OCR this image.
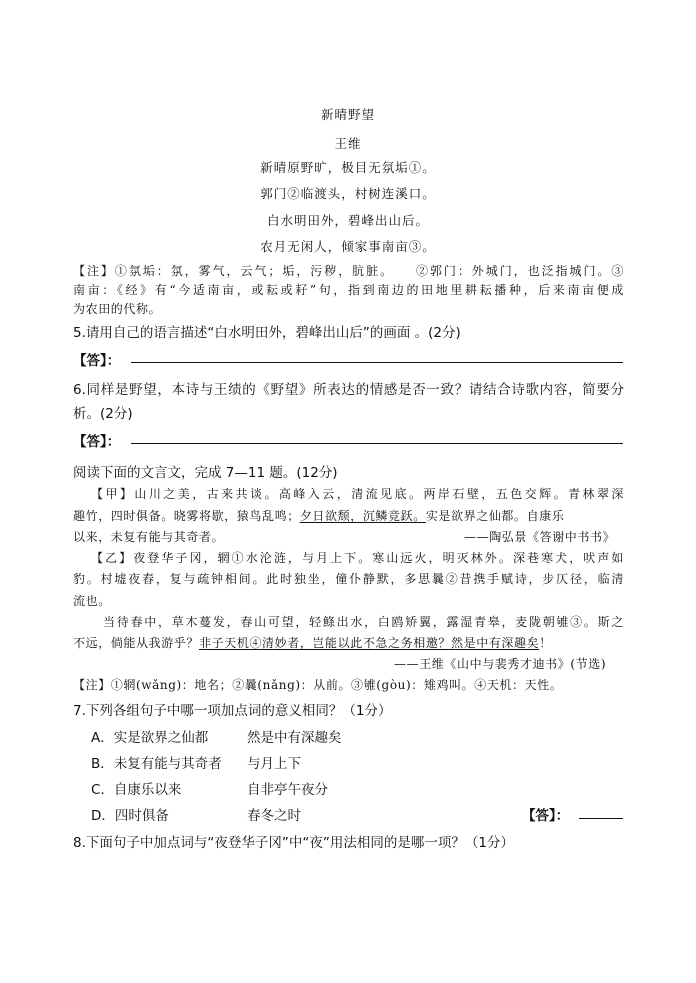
新晴野望
王维
新晴原野旷，极目无氛垢①。
郭门②临渡头，村树连溪口。
白水明田外，碧峰出山后。
农月无闲人，倾家事南亩③。
【注】①氛垢：氛，雾气，云气；垢，污秽，肮脏。　　②郭门：外城门，也泛指城门。③
南亩：《经》有“今适南亩，或耘或耔”句，指到南边的田地里耕耘播种，后来南亩便成
为农田的代称。
5.请用自己的语言描述“白水明田外，碧峰出山后”的画面 。(2分)
【答】：
6.同样是野望，本诗与王绩的《野望》所表达的情感是否一致？请结合诗歌内容，简要分
析。(2分)
【答】：
阅读下面的文言文，完成 7—11 题。(12分)
【甲】山川之美，古来共谈。高峰入云，清流见底。两岸石壁，五色交辉。青林翠深
趣竹，四时俱备。晓雾将歇，猿鸟乱鸣；夕日欲颓，沉鳞竞跃。实是欲界之仙都。自康乐
以来，未复有能与其奇者。	——陶弘景《答谢中书书》
【乙】夜登华子冈，辋①水沦涟，与月上下。寒山远火，明灭林外。深巷寒犬，吠声如
豹。村墟夜舂，复与疏钟相间。此时独坐，僮仆静默，多思曩②昔携手赋诗，步仄径，临清
流也。
当待春中，草木蔓发，春山可望，轻鲦出水，白鸥矫翼，露湿青皋，麦陇朝雊③。斯之
不远，倘能从我游乎？非子天机④清妙者，岂能以此不急之务相邀？然是中有深趣矣！
——王维《山中与裴秀才迪书》(节选)
【注】①辋(wǎng)：地名；②曩(nǎng)：从前。③雊(gòu)：雉鸡叫。④天机：天性。
7.下列各组句子中哪一项加点词的意义相同？（1分）
A．实是欲界之仙都	然是中有深趣矣
B．未复有能与其奇者 与月上下
C．自康乐以来	自非亭午夜分
D．四时俱备	春冬之时	【答】：
8.下面句子中加点词与“夜登华子冈”中“夜”用法相同的是哪一项？（1分）
